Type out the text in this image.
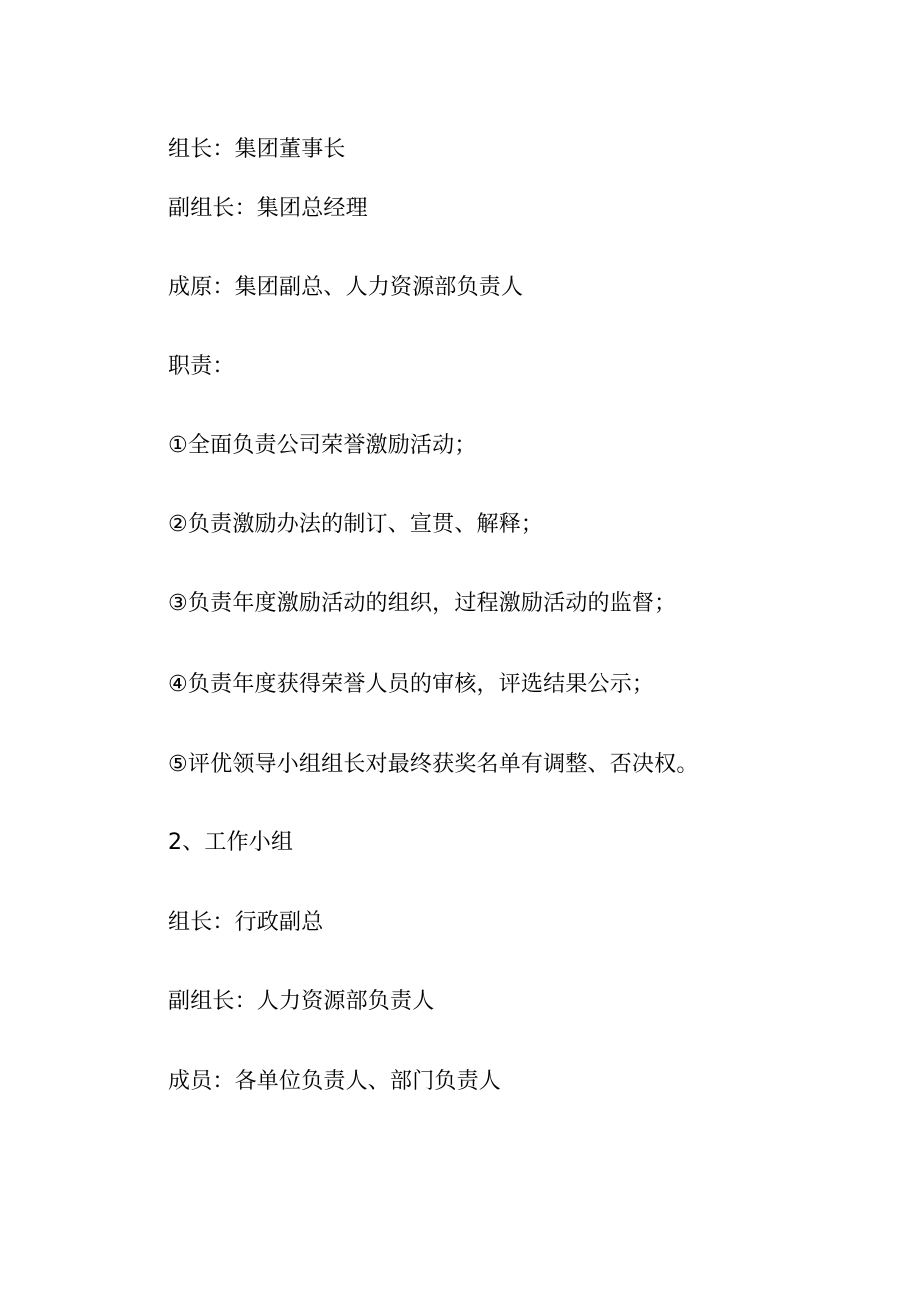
组长：集团董事长
副组长：集团总经理
成原：集团副总、人力资源部负责人
职责：
①全面负责公司荣誉激励活动；
②负责激励办法的制订、宣贯、解释；
③负责年度激励活动的组织，过程激励活动的监督；
④负责年度获得荣誉人员的审核，评选结果公示；
⑤评优领导小组组长对最终获奖名单有调整、否决权。
2、工作小组
组长：行政副总
副组长：人力资源部负责人
成员：各单位负责人、部门负责人
